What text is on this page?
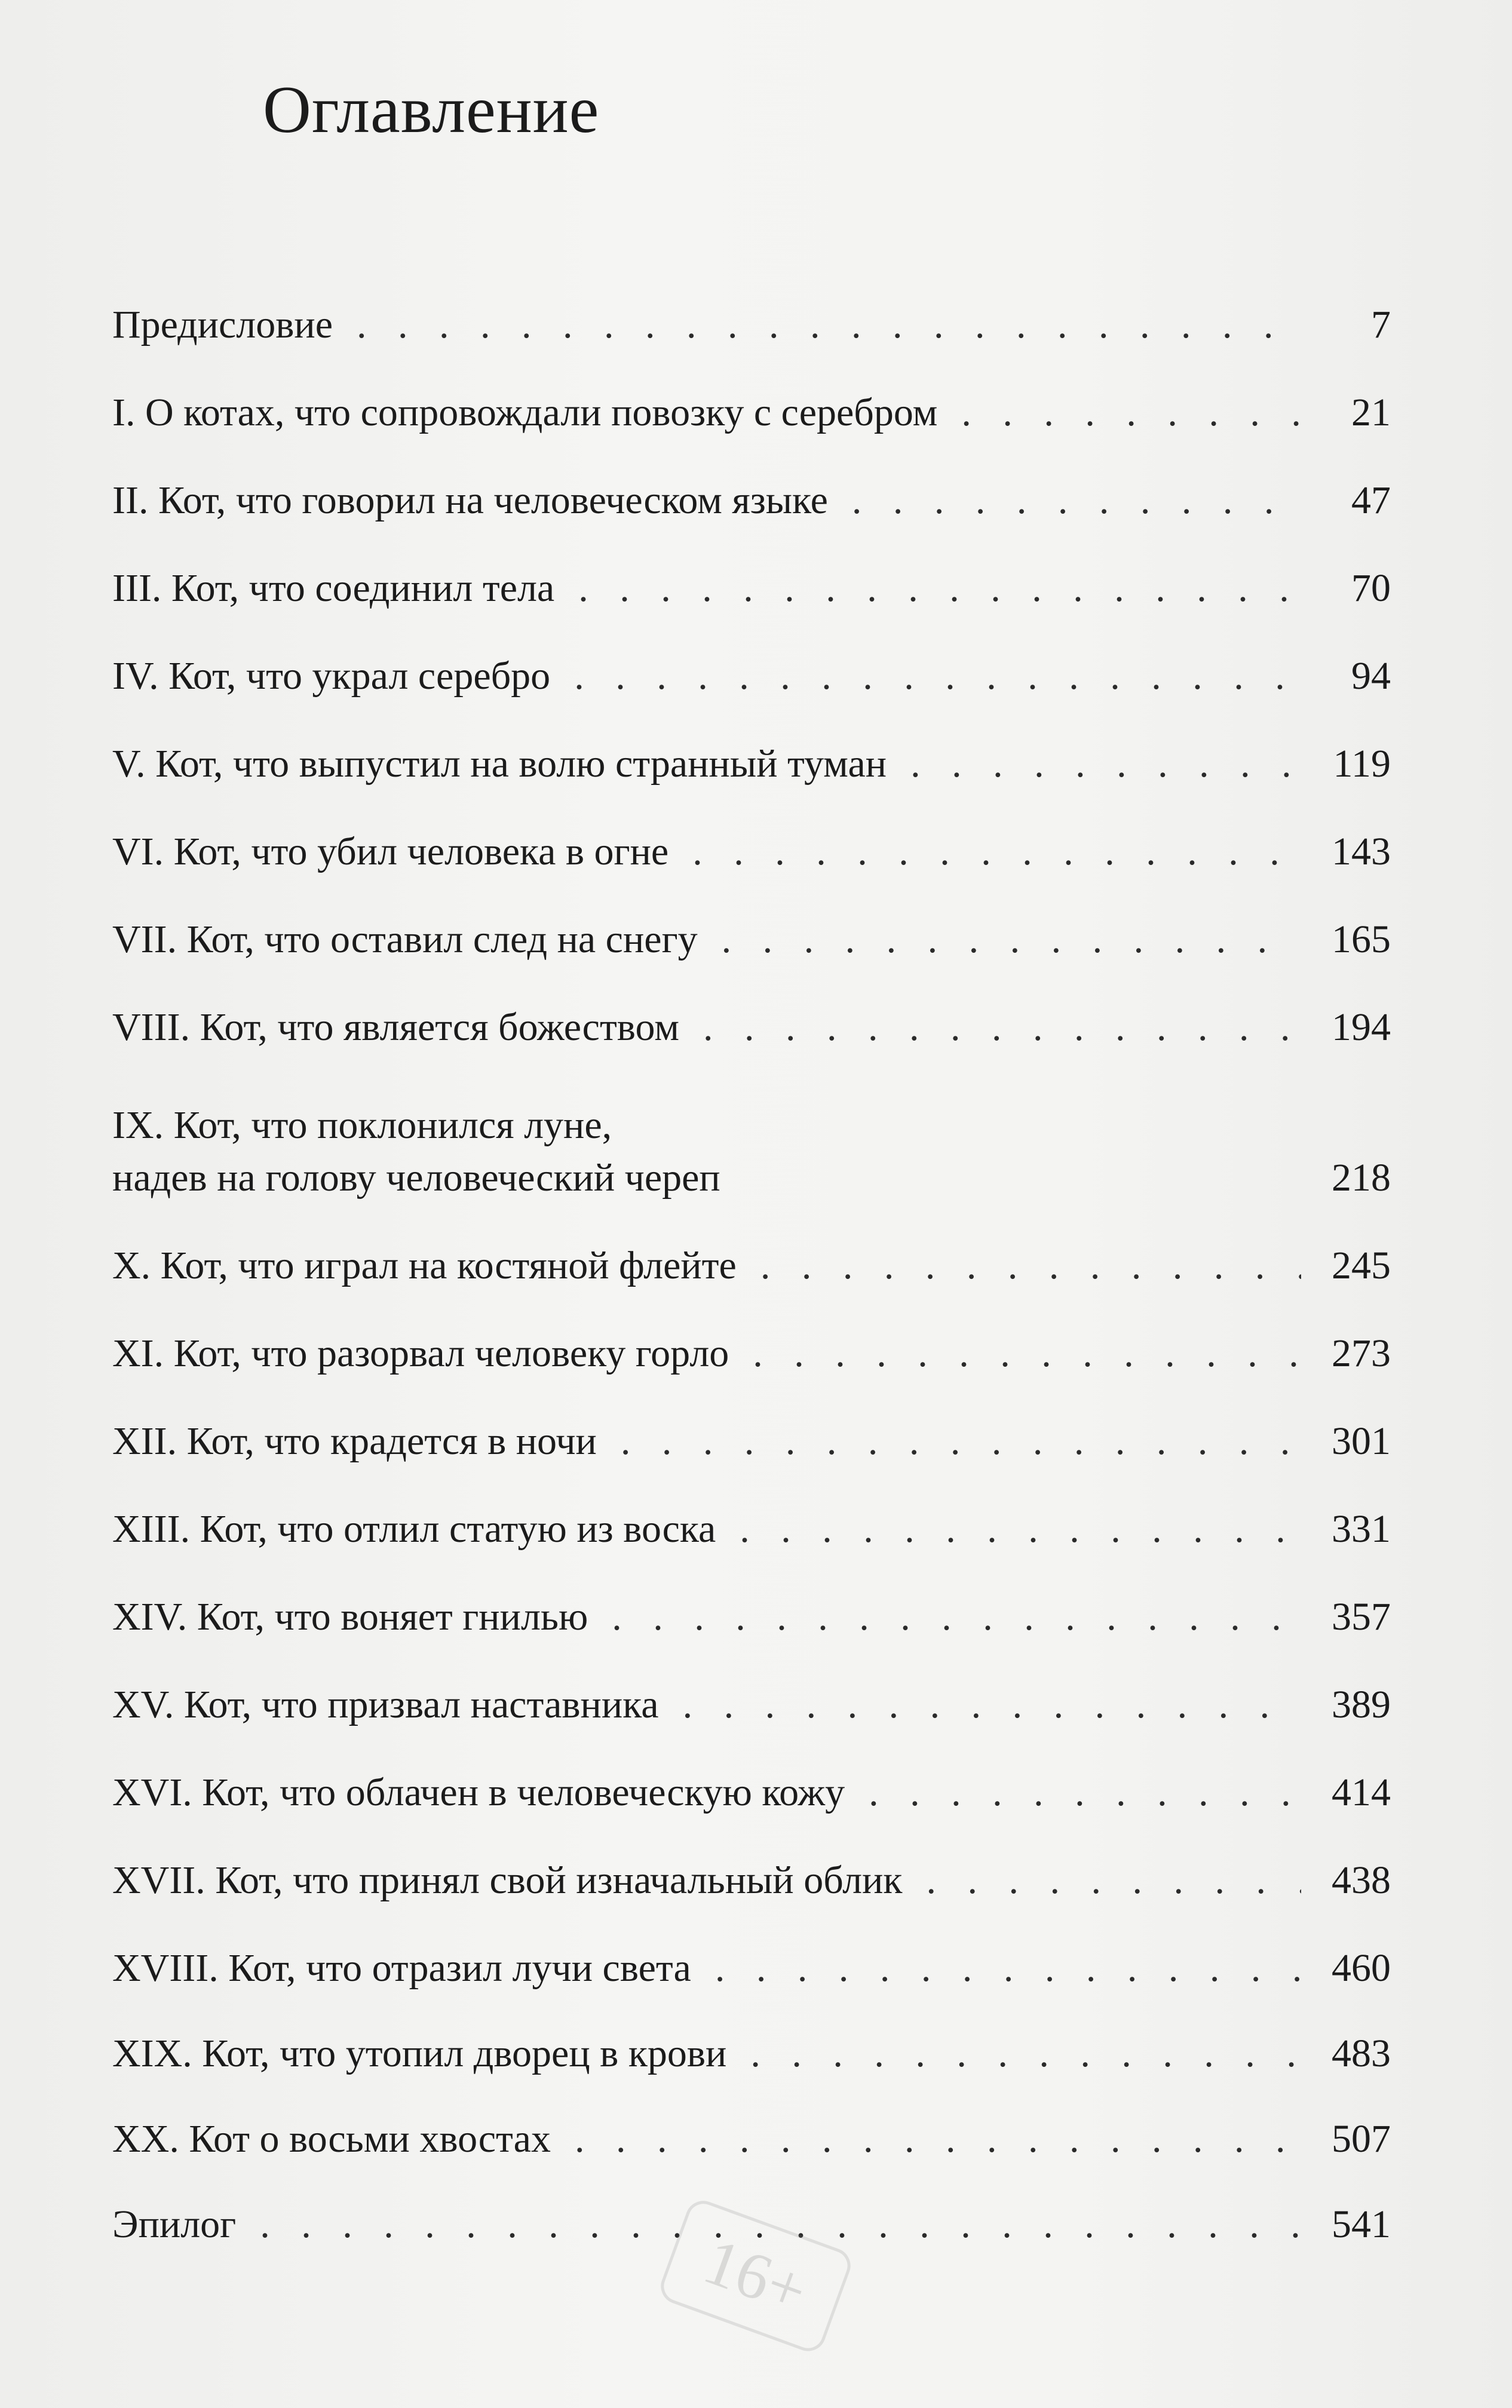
Оглавление
Предисловие . . .	7
I. О котах, что сопровождали повозку с серебром . . .	21
II. Кот, что говорил на человеческом языке . . .	47
III. Кот, что соединил тела . . .	70
IV. Кот, что украл серебро . . .	94
V. Кот, что выпустил на волю странный туман . . .	119
VI. Кот, что убил человека в огне . . .	143
VII. Кот, что оставил след на снегу . . .	165
VIII. Кот, что является божеством . . .	194
IX. Кот, что поклонился луне,
надев на голову человеческий череп	218
X. Кот, что играл на костяной флейте . . .	245
XI. Кот, что разорвал человеку горло . . .	273
XII. Кот, что крадется в ночи . . .	301
XIII. Кот, что отлил статую из воска . . .	331
XIV. Кот, что воняет гнилью . . .	357
XV. Кот, что призвал наставника . . .	389
XVI. Кот, что облачен в человеческую кожу . . .	414
XVII. Кот, что принял свой изначальный облик . . .	438
XVIII. Кот, что отразил лучи света . . .	460
XIX. Кот, что утопил дворец в крови . . .	483
XX. Кот о восьми хвостах . . .	507
Эпилог . . .	541
16+
